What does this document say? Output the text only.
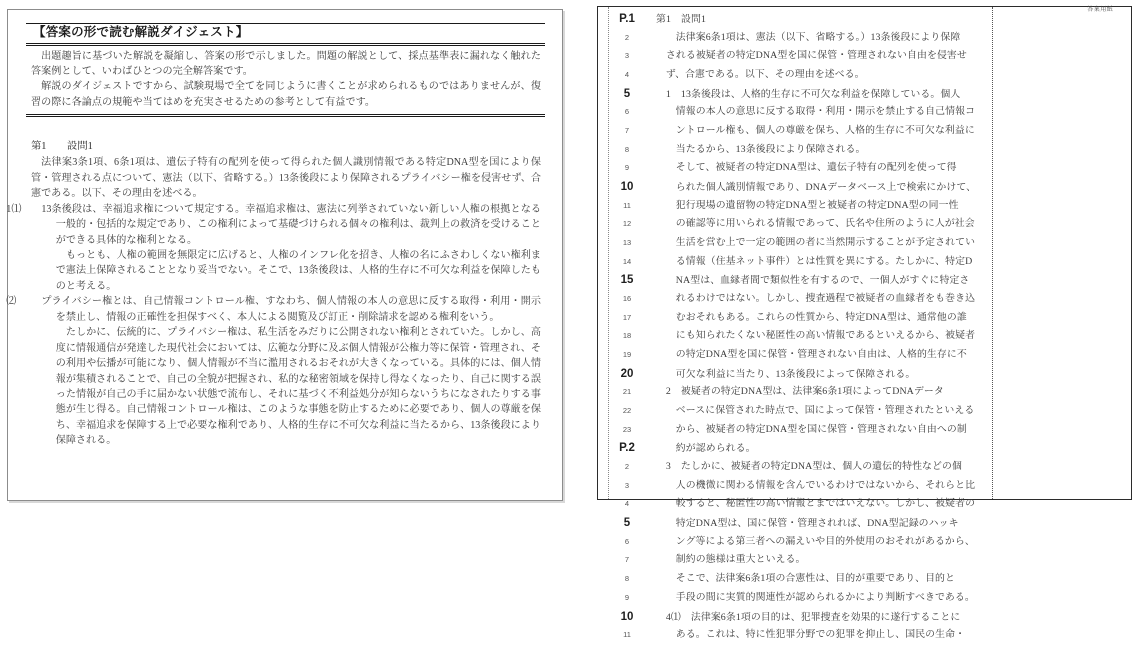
【答案の形で読む解説ダイジェスト】

出題趣旨に基づいた解説を凝縮し、答案の形で示しました。問題の解説として、採点基準表に漏れなく触れた答案例として、いわばひとつの完全解答案です。

解説のダイジェストですから、試験現場で全てを同じように書くことが求められるものではありませんが、復習の際に各論点の規範や当てはめを充実させるための参考として有益です。

第1 設問1

法律案3条1項、6条1項は、遺伝子特有の配列を使って得られた個人識別情報である特定DNA型を国により保管・管理される点について、憲法（以下、省略する。）13条後段により保障されるプライバシー権を侵害せず、合憲である。以下、その理由を述べる。

1⑴　 13条後段は、幸福追求権について規定する。幸福追求権は、憲法に列挙されていない新しい人権の根拠となる一般的・包括的な規定であり、この権利によって基礎づけられる個々の権利は、裁判上の救済を受けることができる具体的な権利となる。

もっとも、人権の範囲を無限定に広げると、人権のインフレ化を招き、人権の名にふさわしくない権利まで憲法上保障されることとなり妥当でない。そこで、13条後段は、人格的生存に不可欠な利益を保障したものと考える。

⑵　 プライバシー権とは、自己情報コントロール権、すなわち、個人情報の本人の意思に反する取得・利用・開示を禁止し、情報の正確性を担保すべく、本人による閲覧及び訂正・削除請求を認める権利をいう。

たしかに、伝統的に、プライバシー権は、私生活をみだりに公開されない権利とされていた。しかし、高度に情報通信が発達した現代社会においては、広範な分野に及ぶ個人情報が公権力等に保管・管理され、その利用や伝播が可能になり、個人情報が不当に濫用されるおそれが大きくなっている。具体的には、個人情報が集積されることで、自己の全貌が把握され、私的な秘密領域を保持し得なくなったり、自己に関する誤った情報が自己の手に届かない状態で流布し、それに基づく不利益処分が知らないうちになされたりする事態が生じ得る。自己情報コントロール権は、このような事態を防止するために必要であり、個人の尊厳を保ち、幸福追求を保障する上で必要な権利であり、人格的生存に不可欠な利益に当たるから、13条後段により保障される。

答案用紙
P.1	第1　設問1
2	法律案6条1項は、憲法（以下、省略する。）13条後段により保障
3	される被疑者の特定DNA型を国に保管・管理されない自由を侵害せ
4	ず、合憲である。以下、その理由を述べる。
5	1　13条後段は、人格的生存に不可欠な利益を保障している。個人
6	情報の本人の意思に反する取得・利用・開示を禁止する自己情報コ
7	ントロール権も、個人の尊厳を保ち、人格的生存に不可欠な利益に
8	当たるから、13条後段により保障される。
9	そして、被疑者の特定DNA型は、遺伝子特有の配列を使って得
10	られた個人識別情報であり、DNAデータベース上で検索にかけて、
11	犯行現場の遺留物の特定DNA型と被疑者の特定DNA型の同一性
12	の確認等に用いられる情報であって、氏名や住所のように人が社会
13	生活を営む上で一定の範囲の者に当然開示することが予定されてい
14	る情報（住基ネット事件）とは性質を異にする。たしかに、特定D
15	NA型は、血縁者間で類似性を有するので、一個人がすぐに特定さ
16	れるわけではない。しかし、捜査過程で被疑者の血縁者をも巻き込
17	むおそれもある。これらの性質から、特定DNA型は、通常他の誰
18	にも知られたくない秘匿性の高い情報であるといえるから、被疑者
19	の特定DNA型を国に保管・管理されない自由は、人格的生存に不
20	可欠な利益に当たり、13条後段によって保障される。
21	2　被疑者の特定DNA型は、法律案6条1項によってDNAデータ
22	ベースに保管された時点で、国によって保管・管理されたといえる
23	から、被疑者の特定DNA型を国に保管・管理されない自由への制
P.2	約が認められる。
2	3　たしかに、被疑者の特定DNA型は、個人の遺伝的特性などの個
3	人の機微に関わる情報を含んでいるわけではないから、それらと比
4	較すると、秘匿性の高い情報とまではいえない。しかし、被疑者の
5	特定DNA型は、国に保管・管理されれば、DNA型記録のハッキ
6	ング等による第三者への漏えいや目的外使用のおそれがあるから、
7	制約の態様は重大といえる。
8	そこで、法律案6条1項の合憲性は、目的が重要であり、目的と
9	手段の間に実質的関連性が認められるかにより判断すべきである。
10	4⑴　法律案6条1項の目的は、犯罪捜査を効果的に遂行することに
11	ある。これは、特に性犯罪分野での犯罪を抑止し、国民の生命・
